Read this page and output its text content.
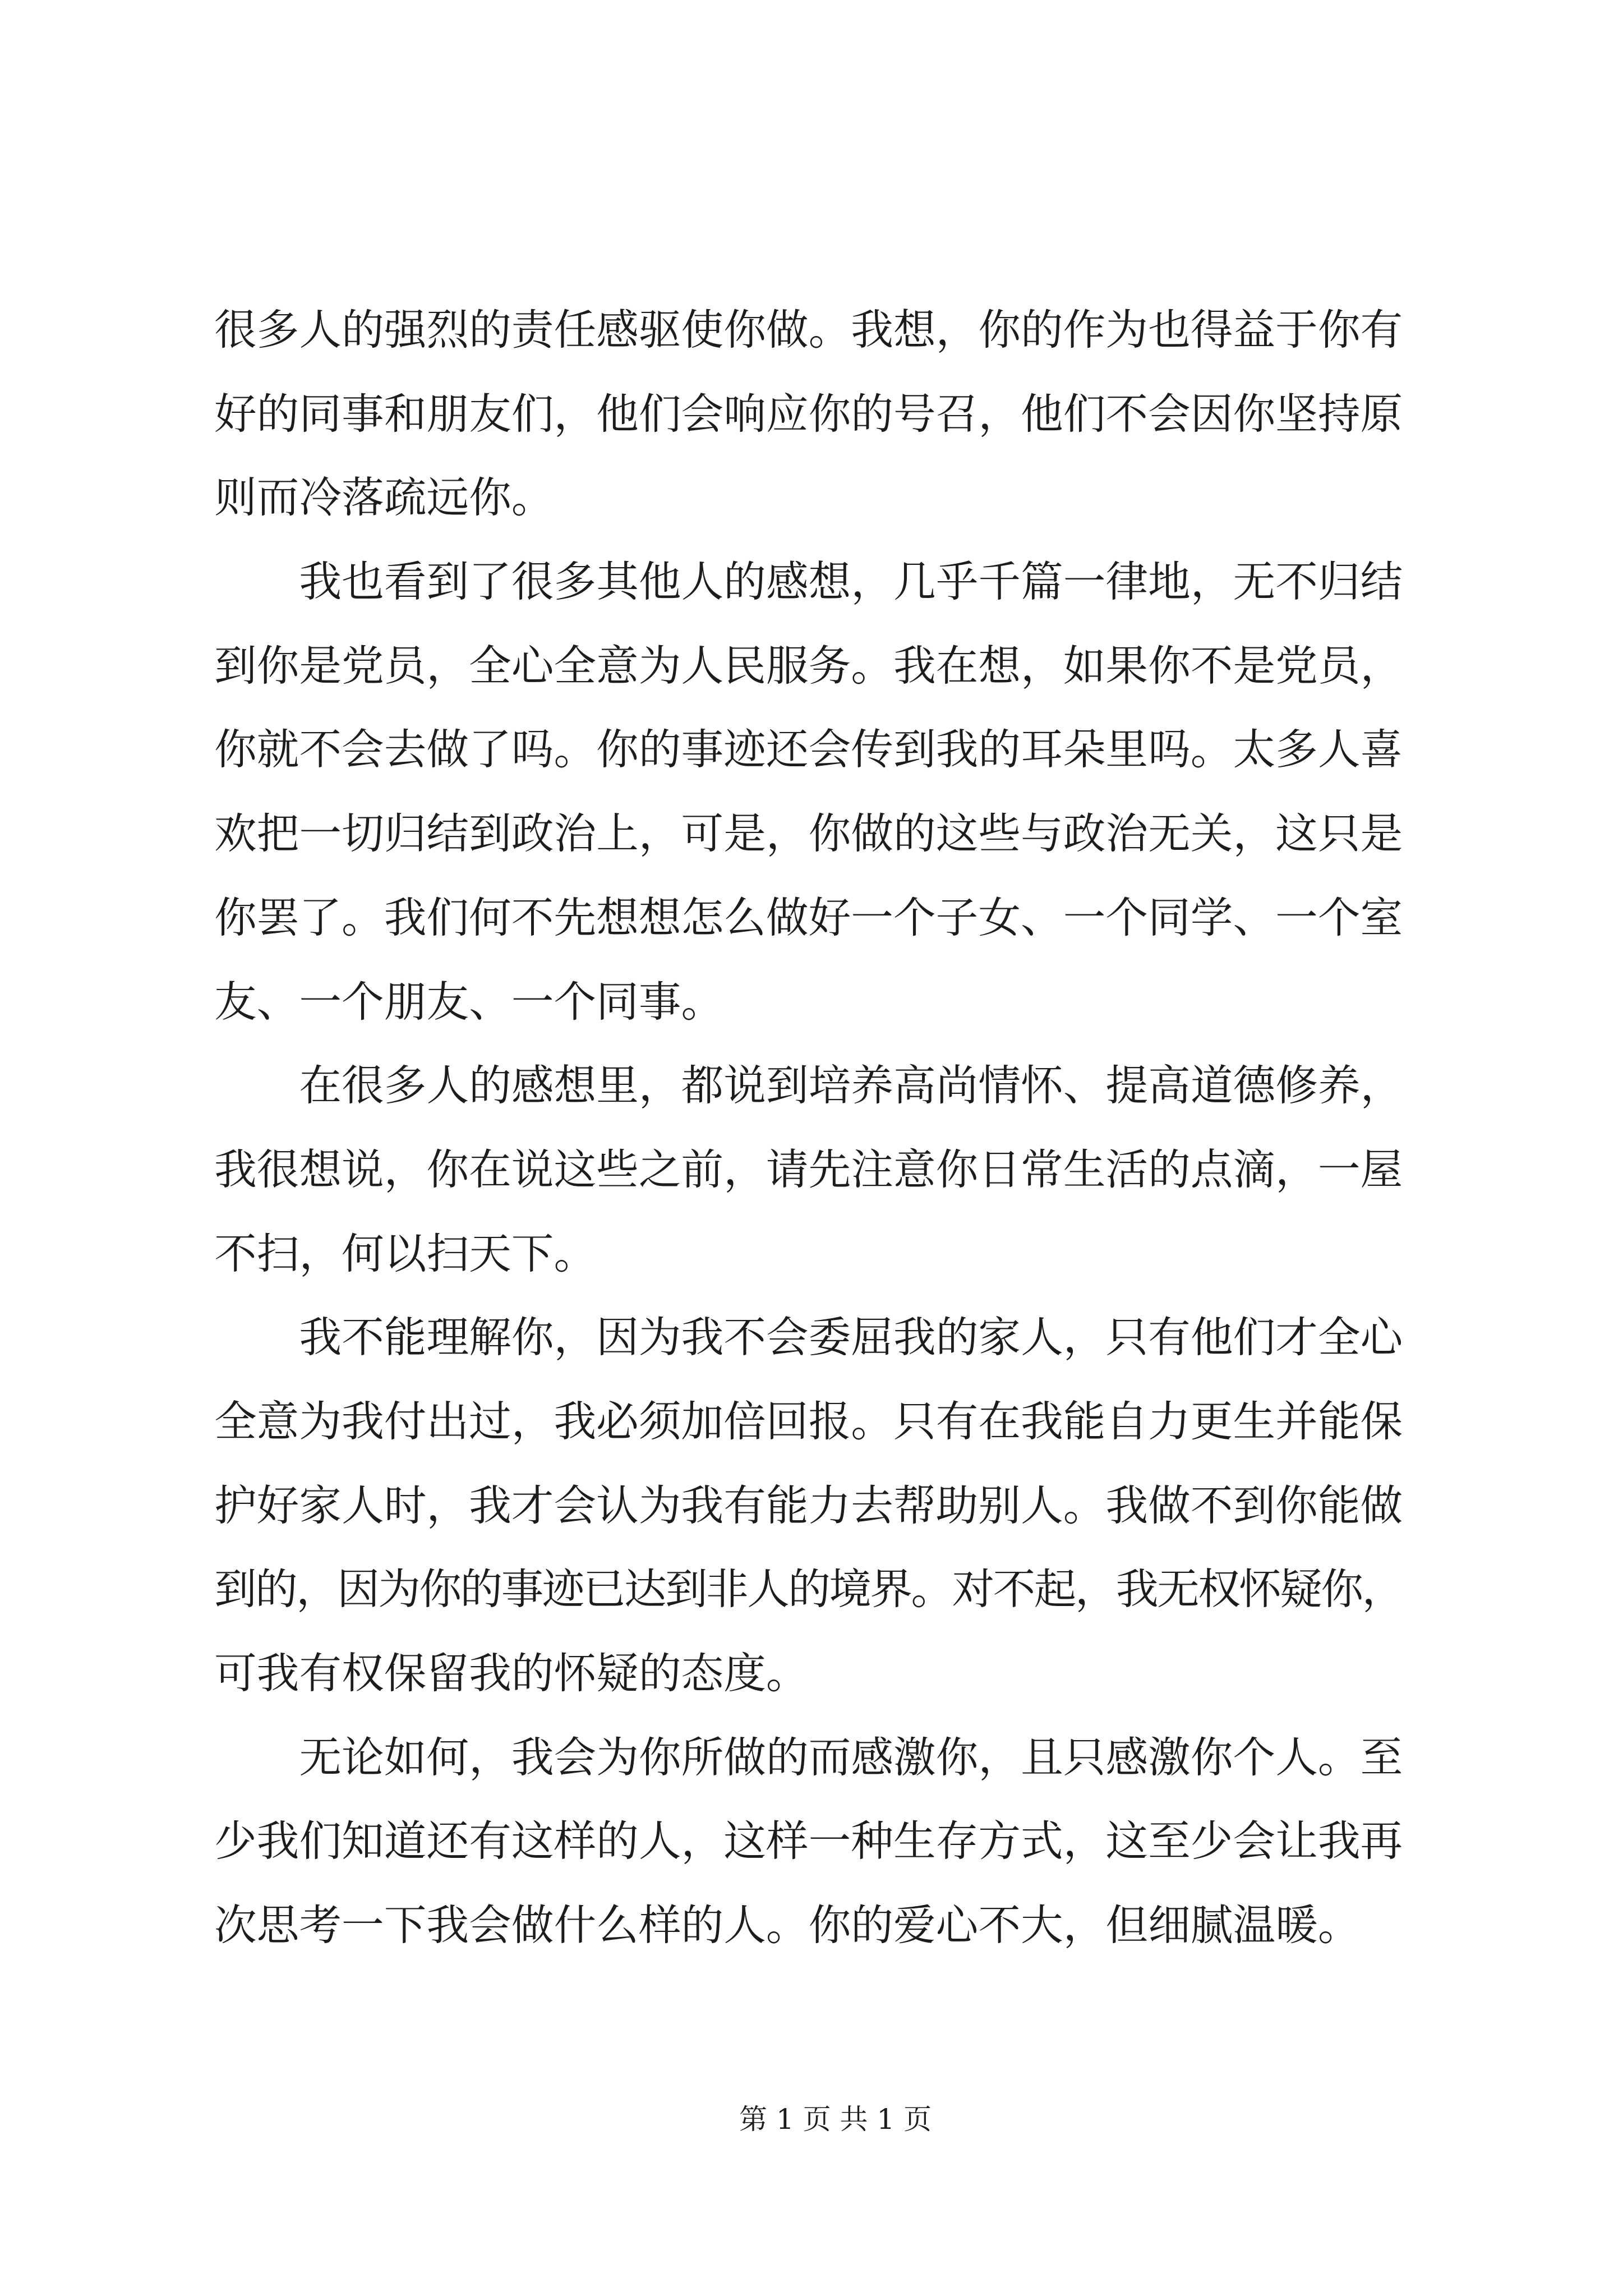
很多人的强烈的责任感驱使你做。我想，你的作为也得益于你有
好的同事和朋友们，他们会响应你的号召，他们不会因你坚持原
则而冷落疏远你。
我也看到了很多其他人的感想，几乎千篇一律地，无不归结
到你是党员，全心全意为人民服务。我在想，如果你不是党员，
你就不会去做了吗。你的事迹还会传到我的耳朵里吗。太多人喜
欢把一切归结到政治上，可是，你做的这些与政治无关，这只是
你罢了。我们何不先想想怎么做好一个子女、一个同学、一个室
友、一个朋友、一个同事。
在很多人的感想里，都说到培养高尚情怀、提高道德修养，
我很想说，你在说这些之前，请先注意你日常生活的点滴，一屋
不扫，何以扫天下。
我不能理解你，因为我不会委屈我的家人，只有他们才全心
全意为我付出过，我必须加倍回报。只有在我能自力更生并能保
护好家人时，我才会认为我有能力去帮助别人。我做不到你能做
到的，因为你的事迹已达到非人的境界。对不起，我无权怀疑你，
可我有权保留我的怀疑的态度。
无论如何，我会为你所做的而感激你，且只感激你个人。至
少我们知道还有这样的人，这样一种生存方式，这至少会让我再
次思考一下我会做什么样的人。你的爱心不大，但细腻温暖。
第 1 页 共 1 页
